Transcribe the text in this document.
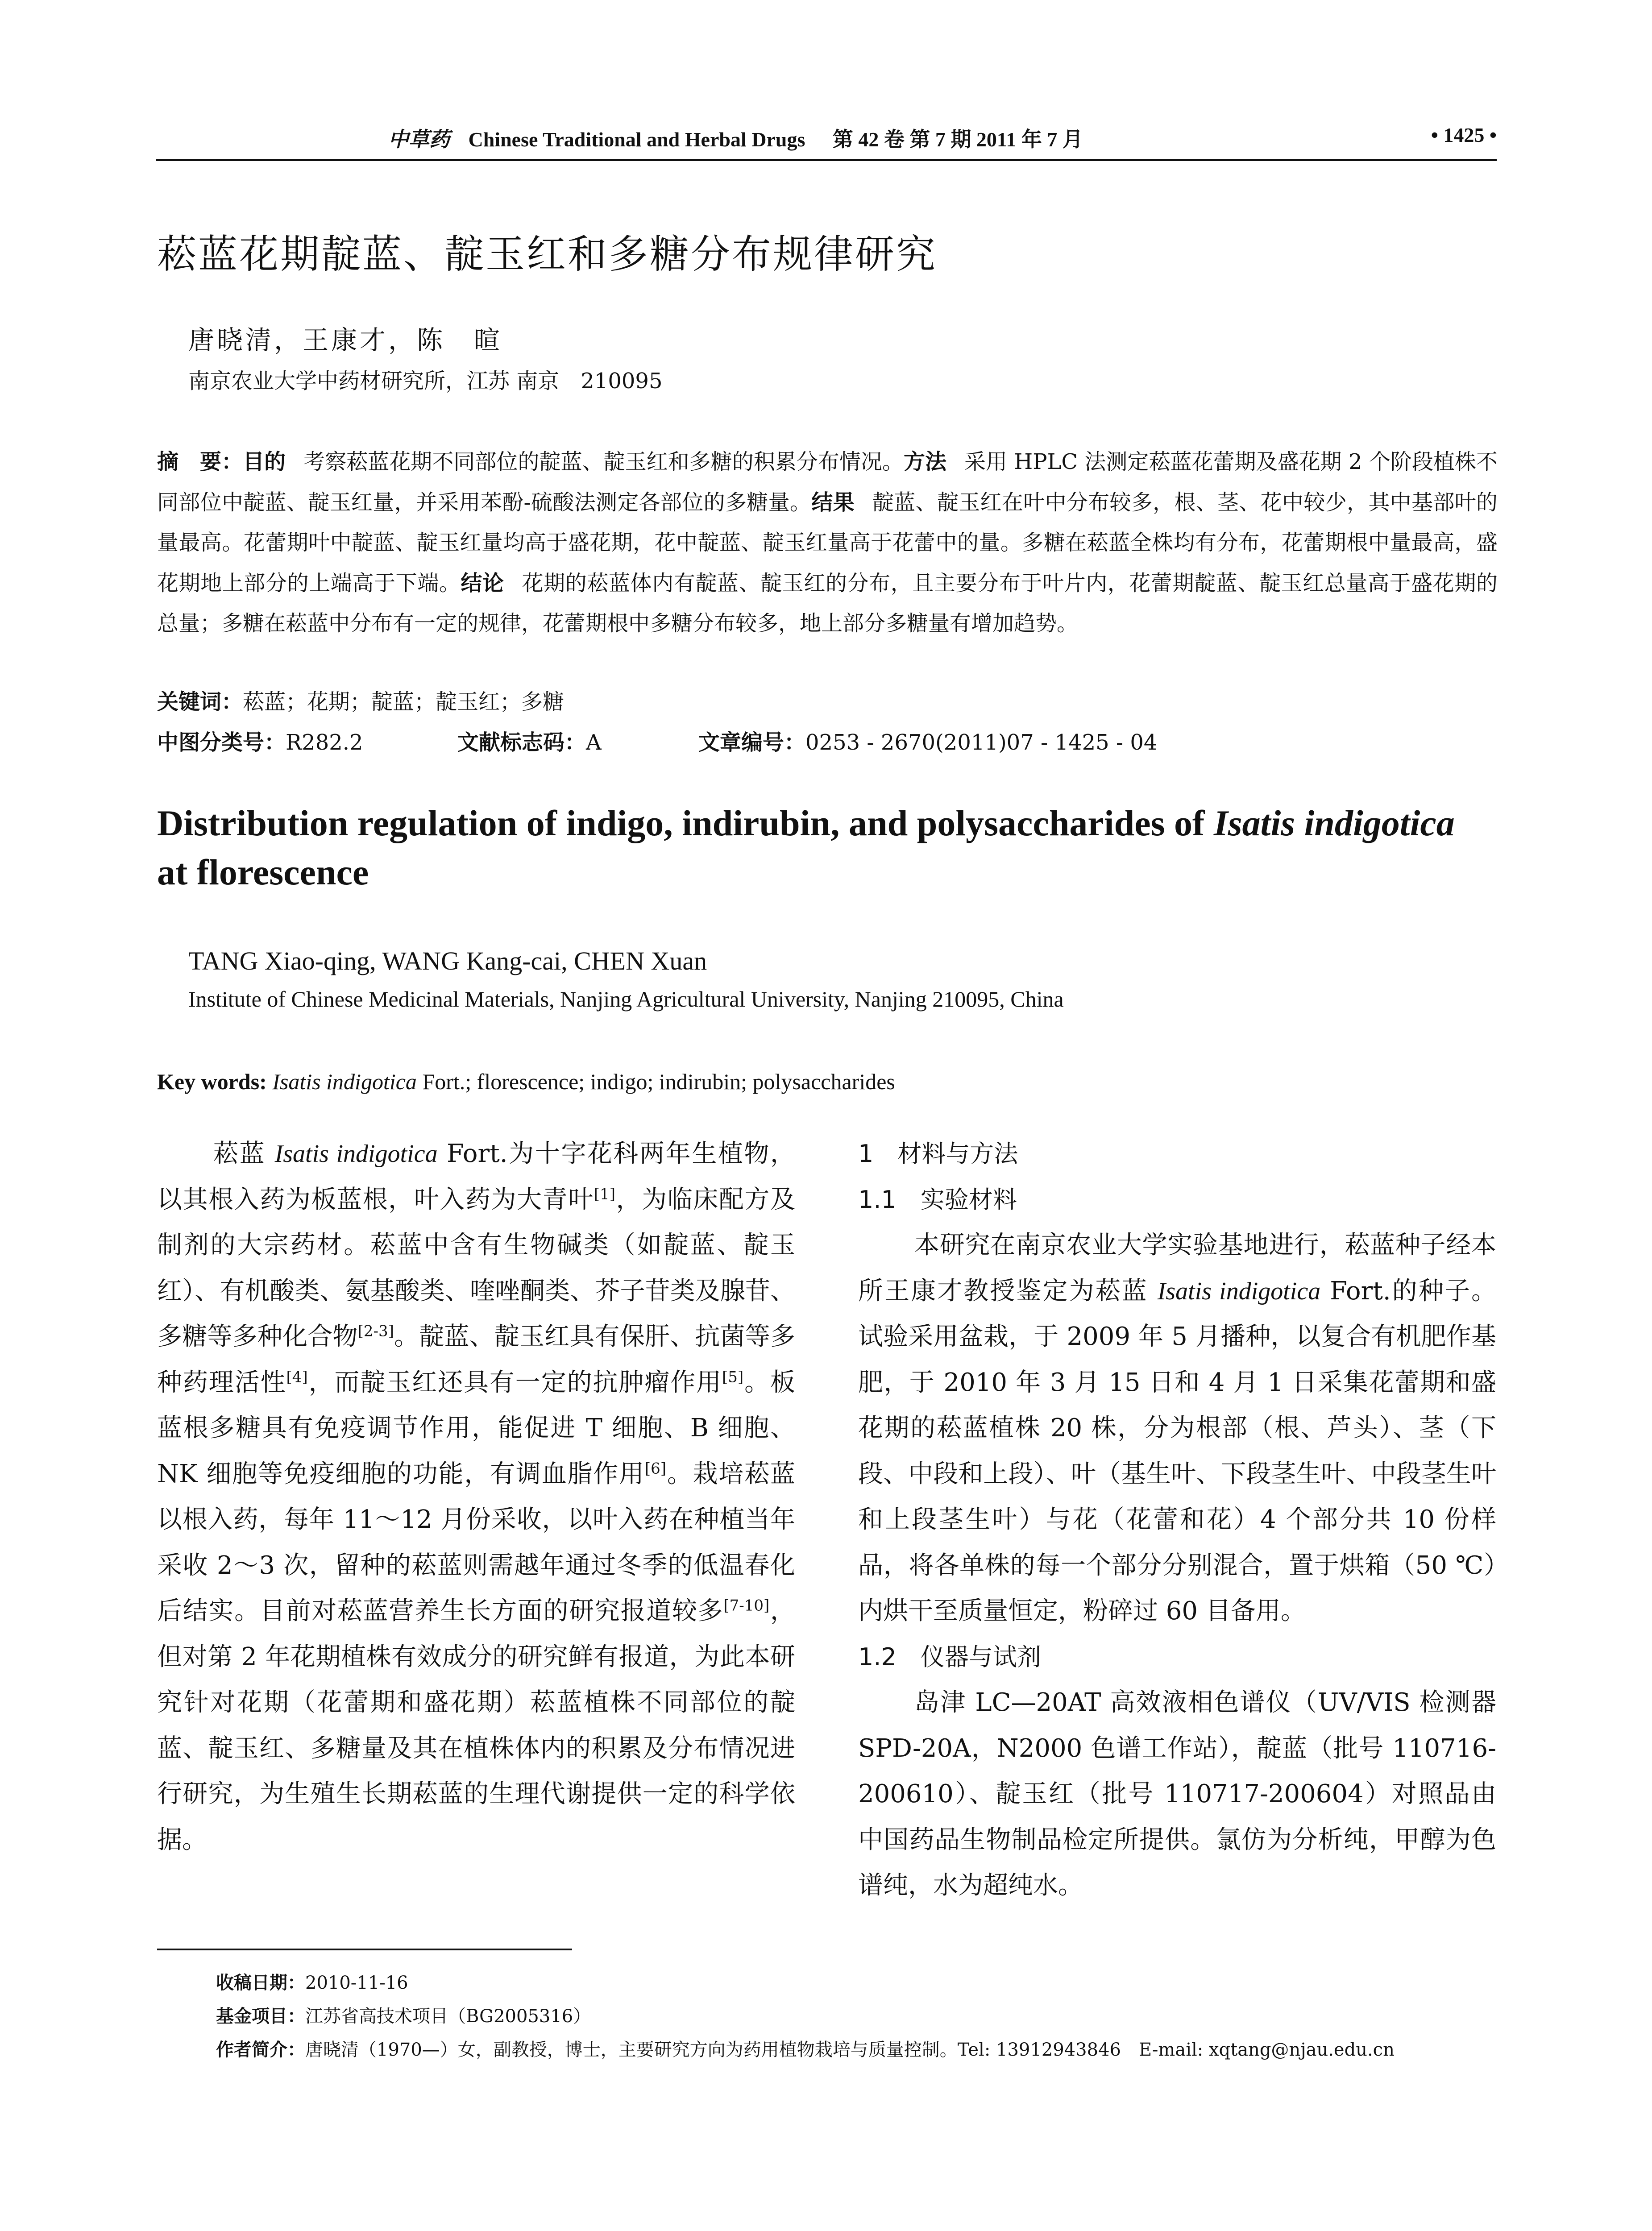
中草药 Chinese Traditional and Herbal Drugs 第 42 卷 第 7 期 2011 年 7 月	• 1425 •
菘蓝花期靛蓝、靛玉红和多糖分布规律研究
唐晓清，王康才，陈　暄
南京农业大学中药材研究所，江苏 南京　210095
摘　要：目的 考察菘蓝花期不同部位的靛蓝、靛玉红和多糖的积累分布情况。方法 采用 HPLC 法测定菘蓝花蕾期及盛花期 2 个阶段植株不同部位中靛蓝、靛玉红量，并采用苯酚-硫酸法测定各部位的多糖量。结果 靛蓝、靛玉红在叶中分布较多，根、茎、花中较少，其中基部叶的量最高。花蕾期叶中靛蓝、靛玉红量均高于盛花期，花中靛蓝、靛玉红量高于花蕾中的量。多糖在菘蓝全株均有分布，花蕾期根中量最高，盛花期地上部分的上端高于下端。结论 花期的菘蓝体内有靛蓝、靛玉红的分布，且主要分布于叶片内，花蕾期靛蓝、靛玉红总量高于盛花期的总量；多糖在菘蓝中分布有一定的规律，花蕾期根中多糖分布较多，地上部分多糖量有增加趋势。
关键词：菘蓝；花期；靛蓝；靛玉红；多糖
中图分类号：R282.2	文献标志码：A	文章编号：0253 - 2670(2011)07 - 1425 - 04
Distribution regulation of indigo, indirubin, and polysaccharides of Isatis indigotica
at florescence
TANG Xiao-qing, WANG Kang-cai, CHEN Xuan
Institute of Chinese Medicinal Materials, Nanjing Agricultural University, Nanjing 210095, China
Key words: Isatis indigotica Fort.; florescence; indigo; indirubin; polysaccharides

菘蓝 Isatis indigotica Fort.为十字花科两年生植物，以其根入药为板蓝根，叶入药为大青叶[1]，为临床配方及制剂的大宗药材。菘蓝中含有生物碱类（如靛蓝、靛玉红）、有机酸类、氨基酸类、喹唑酮类、芥子苷类及腺苷、多糖等多种化合物[2-3]。靛蓝、靛玉红具有保肝、抗菌等多种药理活性[4]，而靛玉红还具有一定的抗肿瘤作用[5]。板蓝根多糖具有免疫调节作用，能促进 T 细胞、B 细胞、NK 细胞等免疫细胞的功能，有调血脂作用[6]。栽培菘蓝以根入药，每年 11～12 月份采收，以叶入药在种植当年采收 2～3 次，留种的菘蓝则需越年通过冬季的低温春化后结实。目前对菘蓝营养生长方面的研究报道较多[7-10]，但对第 2 年花期植株有效成分的研究鲜有报道，为此本研究针对花期（花蕾期和盛花期）菘蓝植株不同部位的靛蓝、靛玉红、多糖量及其在植株体内的积累及分布情况进行研究，为生殖生长期菘蓝的生理代谢提供一定的科学依据。

1　材料与方法
1.1　实验材料

本研究在南京农业大学实验基地进行，菘蓝种子经本所王康才教授鉴定为菘蓝 Isatis indigotica Fort.的种子。试验采用盆栽，于 2009 年 5 月播种，以复合有机肥作基肥，于 2010 年 3 月 15 日和 4 月 1 日采集花蕾期和盛花期的菘蓝植株 20 株，分为根部（根、芦头）、茎（下段、中段和上段）、叶（基生叶、下段茎生叶、中段茎生叶和上段茎生叶）与花（花蕾和花）4 个部分共 10 份样品，将各单株的每一个部分分别混合，置于烘箱（50 ℃）内烘干至质量恒定，粉碎过 60 目备用。

1.2　仪器与试剂

岛津 LC—20AT 高效液相色谱仪（UV/VIS 检测器 SPD-20A，N2000 色谱工作站），靛蓝（批号 110716-200610）、靛玉红（批号 110717-200604）对照品由中国药品生物制品检定所提供。氯仿为分析纯，甲醇为色谱纯，水为超纯水。

收稿日期：2010-11-16
基金项目：江苏省高技术项目（BG2005316）
作者简介：唐晓清（1970—）女，副教授，博士，主要研究方向为药用植物栽培与质量控制。Tel: 13912943846　E-mail: xqtang@njau.edu.cn
